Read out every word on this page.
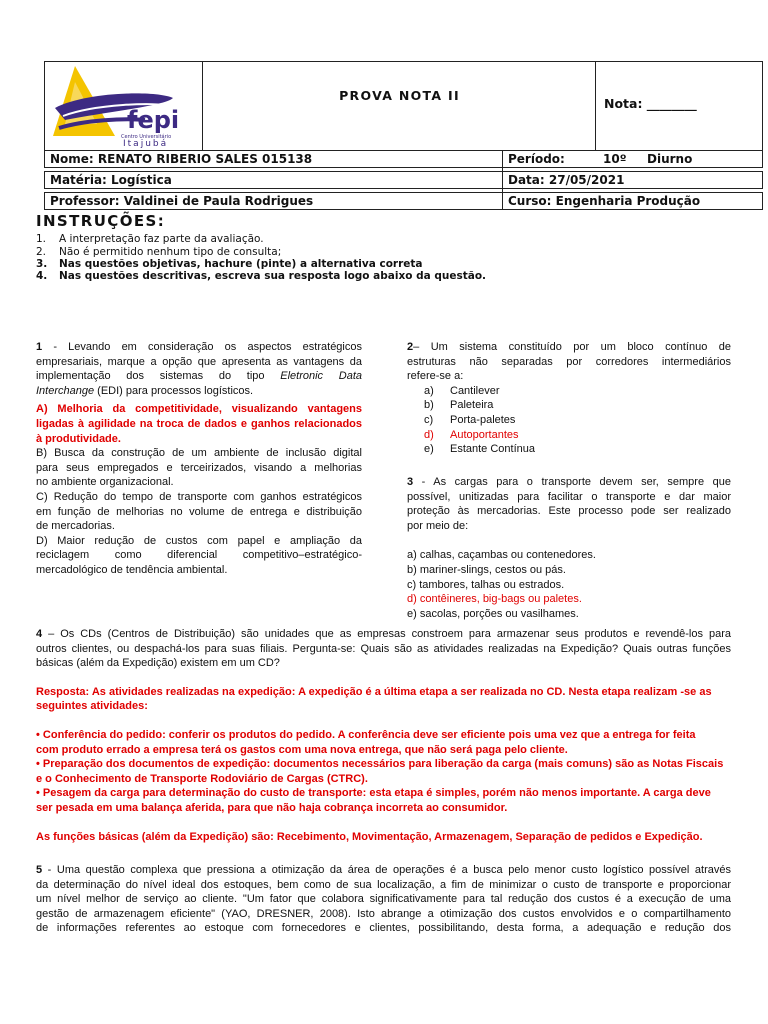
fepi
Centro Universitário
Itajubá
PROVA NOTA II
Nota: ________
Nome: RENATO RIBERIO SALES 015138	Período:	10º Diurno
Matéria: Logística	Data: 27/05/2021
Professor: Valdinei de Paula Rodrigues	Curso: Engenharia Produção
INSTRUÇÕES:
1. A interpretação faz parte da avaliação.
2. Não é permitido nenhum tipo de consulta;
3. Nas questões objetivas, hachure (pinte) a alternativa correta
4. Nas questões descritivas, escreva sua resposta logo abaixo da questão.
1 - Levando em consideração os aspectos estratégicos
empresariais, marque a opção que apresenta as vantagens da
implementação dos sistemas do tipo Eletronic Data
Interchange (EDI) para processos logísticos.
A) Melhoria da competitividade, visualizando vantagens
ligadas à agilidade na troca de dados e ganhos relacionados
à produtividade.
B) Busca da construção de um ambiente de inclusão digital
para seus empregados e terceirizados, visando a melhorias
no ambiente organizacional.
C) Redução do tempo de transporte com ganhos estratégicos
em função de melhorias no volume de entrega e distribuição
de mercadorias.
D) Maior redução de custos com papel e ampliação da
reciclagem como diferencial competitivo–estratégico-
mercadológico de tendência ambiental.
2– Um sistema constituído por um bloco contínuo de
estruturas não separadas por corredores intermediários
refere-se a:
a) Cantilever
b) Paleteira
c) Porta-paletes
d) Autoportantes
e) Estante Contínua
3 - As cargas para o transporte devem ser, sempre que
possível, unitizadas para facilitar o transporte e dar maior
proteção às mercadorias. Este processo pode ser realizado
por meio de:
a) calhas, caçambas ou contenedores.
b) mariner-slings, cestos ou pás.
c) tambores, talhas ou estrados.
d) contêineres, big-bags ou paletes.
e) sacolas, porções ou vasilhames.
4 – Os CDs (Centros de Distribuição) são unidades que as empresas constroem para armazenar seus produtos e revendê-los para
outros clientes, ou despachá-los para suas filiais. Pergunta-se: Quais são as atividades realizadas na Expedição? Quais outras funções
básicas (além da Expedição) existem em um CD?
Resposta: As atividades realizadas na expedição: A expedição é a última etapa a ser realizada no CD. Nesta etapa realizam -se as
seguintes atividades:
• Conferência do pedido: conferir os produtos do pedido. A conferência deve ser eficiente pois uma vez que a entrega for feita
com produto errado a empresa terá os gastos com uma nova entrega, que não será paga pelo cliente.
• Preparação dos documentos de expedição: documentos necessários para liberação da carga (mais comuns) são as Notas Fiscais
e o Conhecimento de Transporte Rodoviário de Cargas (CTRC).
• Pesagem da carga para determinação do custo de transporte: esta etapa é simples, porém não menos importante. A carga deve
ser pesada em uma balança aferida, para que não haja cobrança incorreta ao consumidor.
As funções básicas (além da Expedição) são: Recebimento, Movimentação, Armazenagem, Separação de pedidos e Expedição.
5 - Uma questão complexa que pressiona a otimização da área de operações é a busca pelo menor custo logístico possível através
da determinação do nível ideal dos estoques, bem como de sua localização, a fim de minimizar o custo de transporte e proporcionar
um nível melhor de serviço ao cliente. "Um fator que colabora significativamente para tal redução dos custos é a execução de uma
gestão de armazenagem eficiente" (YAO, DRESNER, 2008). Isto abrange a otimização dos custos envolvidos e o compartilhamento
de informações referentes ao estoque com fornecedores e clientes, possibilitando, desta forma, a adequação e redução dos
